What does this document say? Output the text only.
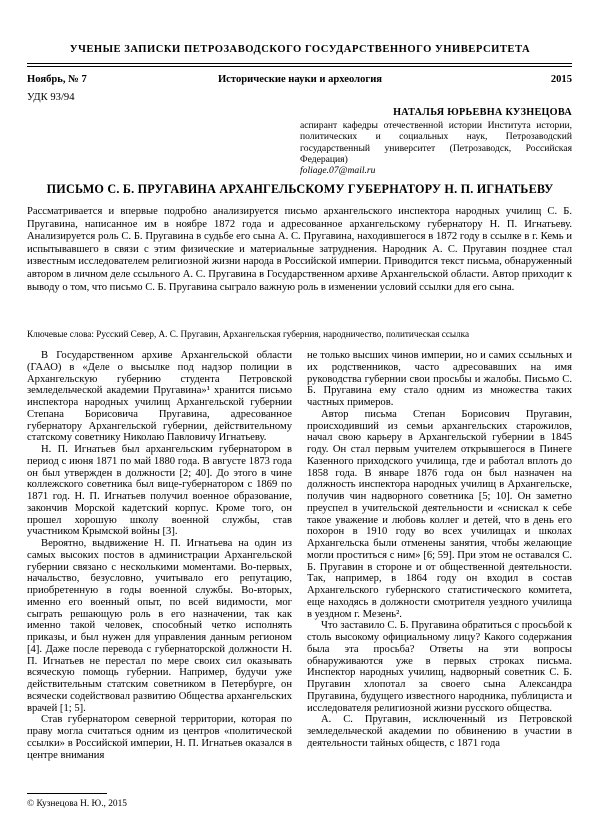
УЧЕНЫЕ ЗАПИСКИ ПЕТРОЗАВОДСКОГО ГОСУДАРСТВЕННОГО УНИВЕРСИТЕТА
Ноябрь, № 7	Исторические науки и археология	2015
УДК 93/94
НАТАЛЬЯ ЮРЬЕВНА КУЗНЕЦОВА

аспирант кафедры отечественной истории Института истории, политических и социальных наук, Петрозаводский государственный университет (Петрозаводск, Российская Федерация)

foliage.07@mail.ru
ПИСЬМО С. Б. ПРУГАВИНА АРХАНГЕЛЬСКОМУ ГУБЕРНАТОРУ Н. П. ИГНАТЬЕВУ

Рассматривается и впервые подробно анализируется письмо архангельского инспектора народных училищ С. Б. Пругавина, написанное им в ноябре 1872 года и адресованное архангельскому губернатору Н. П. Игнатьеву. Анализируется роль С. Б. Пругавина в судьбе его сына А. С. Пругавина, находившегося в 1872 году в ссылке в г. Кемь и испытывавшего в связи с этим физические и материальные затруднения. Народник А. С. Пругавин позднее стал известным исследователем религиозной жизни народа в Российской империи. Приводится текст письма, обнаруженный автором в личном деле ссыльного А. С. Пругавина в Государственном архиве Архангельской области. Автор приходит к выводу о том, что письмо С. Б. Пругавина сыграло важную роль в изменении условий ссылки для его сына.

Ключевые слова: Русский Север, А. С. Пругавин, Архангельская губерния, народничество, политическая ссылка

В Государственном архиве Архангельской области (ГААО) в «Деле о высылке под надзор полиции в Архангельскую губернию студента Петровской земледельческой академии Пругавина»¹ хранится письмо инспектора народных училищ Архангельской губернии Степана Борисовича Пругавина, адресованное губернатору Архангельской губернии, действительному статскому советнику Николаю Павловичу Игнатьеву.

Н. П. Игнатьев был архангельским губернатором в период с июня 1871 по май 1880 года. В августе 1873 года он был утвержден в должности [2; 40]. До этого в чине коллежского советника был вице-губернатором с 1869 по 1871 год. Н. П. Игнатьев получил военное образование, закончив Морской кадетский корпус. Кроме того, он прошел хорошую школу военной службы, став участником Крымской войны [3].

Вероятно, выдвижение Н. П. Игнатьева на один из самых высоких постов в администрации Архангельской губернии связано с несколькими моментами. Во-первых, начальство, безусловно, учитывало его репутацию, приобретенную в годы военной службы. Во-вторых, именно его военный опыт, по всей видимости, мог сыграть решающую роль в его назначении, так как именно такой человек, способный четко исполнять приказы, и был нужен для управления данным регионом [4]. Даже после перевода с губернаторской должности Н. П. Игнатьев не перестал по мере своих сил оказывать всяческую помощь губернии. Например, будучи уже действительным статским советником в Петербурге, он всячески содействовал развитию Общества архангельских врачей [1; 5].

Став губернатором северной территории, которая по праву могла считаться одним из центров «политической ссылки» в Российской империи, Н. П. Игнатьев оказался в центре внимания

не только высших чинов империи, но и самих ссыльных и их родственников, часто адресовавших на имя руководства губернии свои просьбы и жалобы. Письмо С. Б. Пругавина ему стало одним из множества таких частных примеров.

Автор письма Степан Борисович Пругавин, происходивший из семьи архангельских старожилов, начал свою карьеру в Архангельской губернии в 1845 году. Он стал первым учителем открывшегося в Пинеге Казенного приходского училища, где и работал вплоть до 1858 года. В январе 1876 года он был назначен на должность инспектора народных училищ в Архангельске, получив чин надворного советника [5; 10]. Он заметно преуспел в учительской деятельности и «снискал к себе такое уважение и любовь коллег и детей, что в день его похорон в 1910 году во всех училищах и школах Архангельска были отменены занятия, чтобы желающие могли проститься с ним» [6; 59]. При этом не оставался С. Б. Пругавин в стороне и от общественной деятельности. Так, например, в 1864 году он входил в состав Архангельского губернского статистического комитета, еще находясь в должности смотрителя уездного училища в уездном г. Мезень².

Что заставило С. Б. Пругавина обратиться с просьбой к столь высокому официальному лицу? Какого содержания была эта просьба? Ответы на эти вопросы обнаруживаются уже в первых строках письма. Инспектор народных училищ, надворный советник С. Б. Пругавин хлопотал за своего сына Александра Пругавина, будущего известного народника, публициста и исследователя религиозной жизни русского общества.

А. С. Пругавин, исключенный из Петровской земледельческой академии по обвинению в участии в деятельности тайных обществ, с 1871 года

© Кузнецова Н. Ю., 2015
